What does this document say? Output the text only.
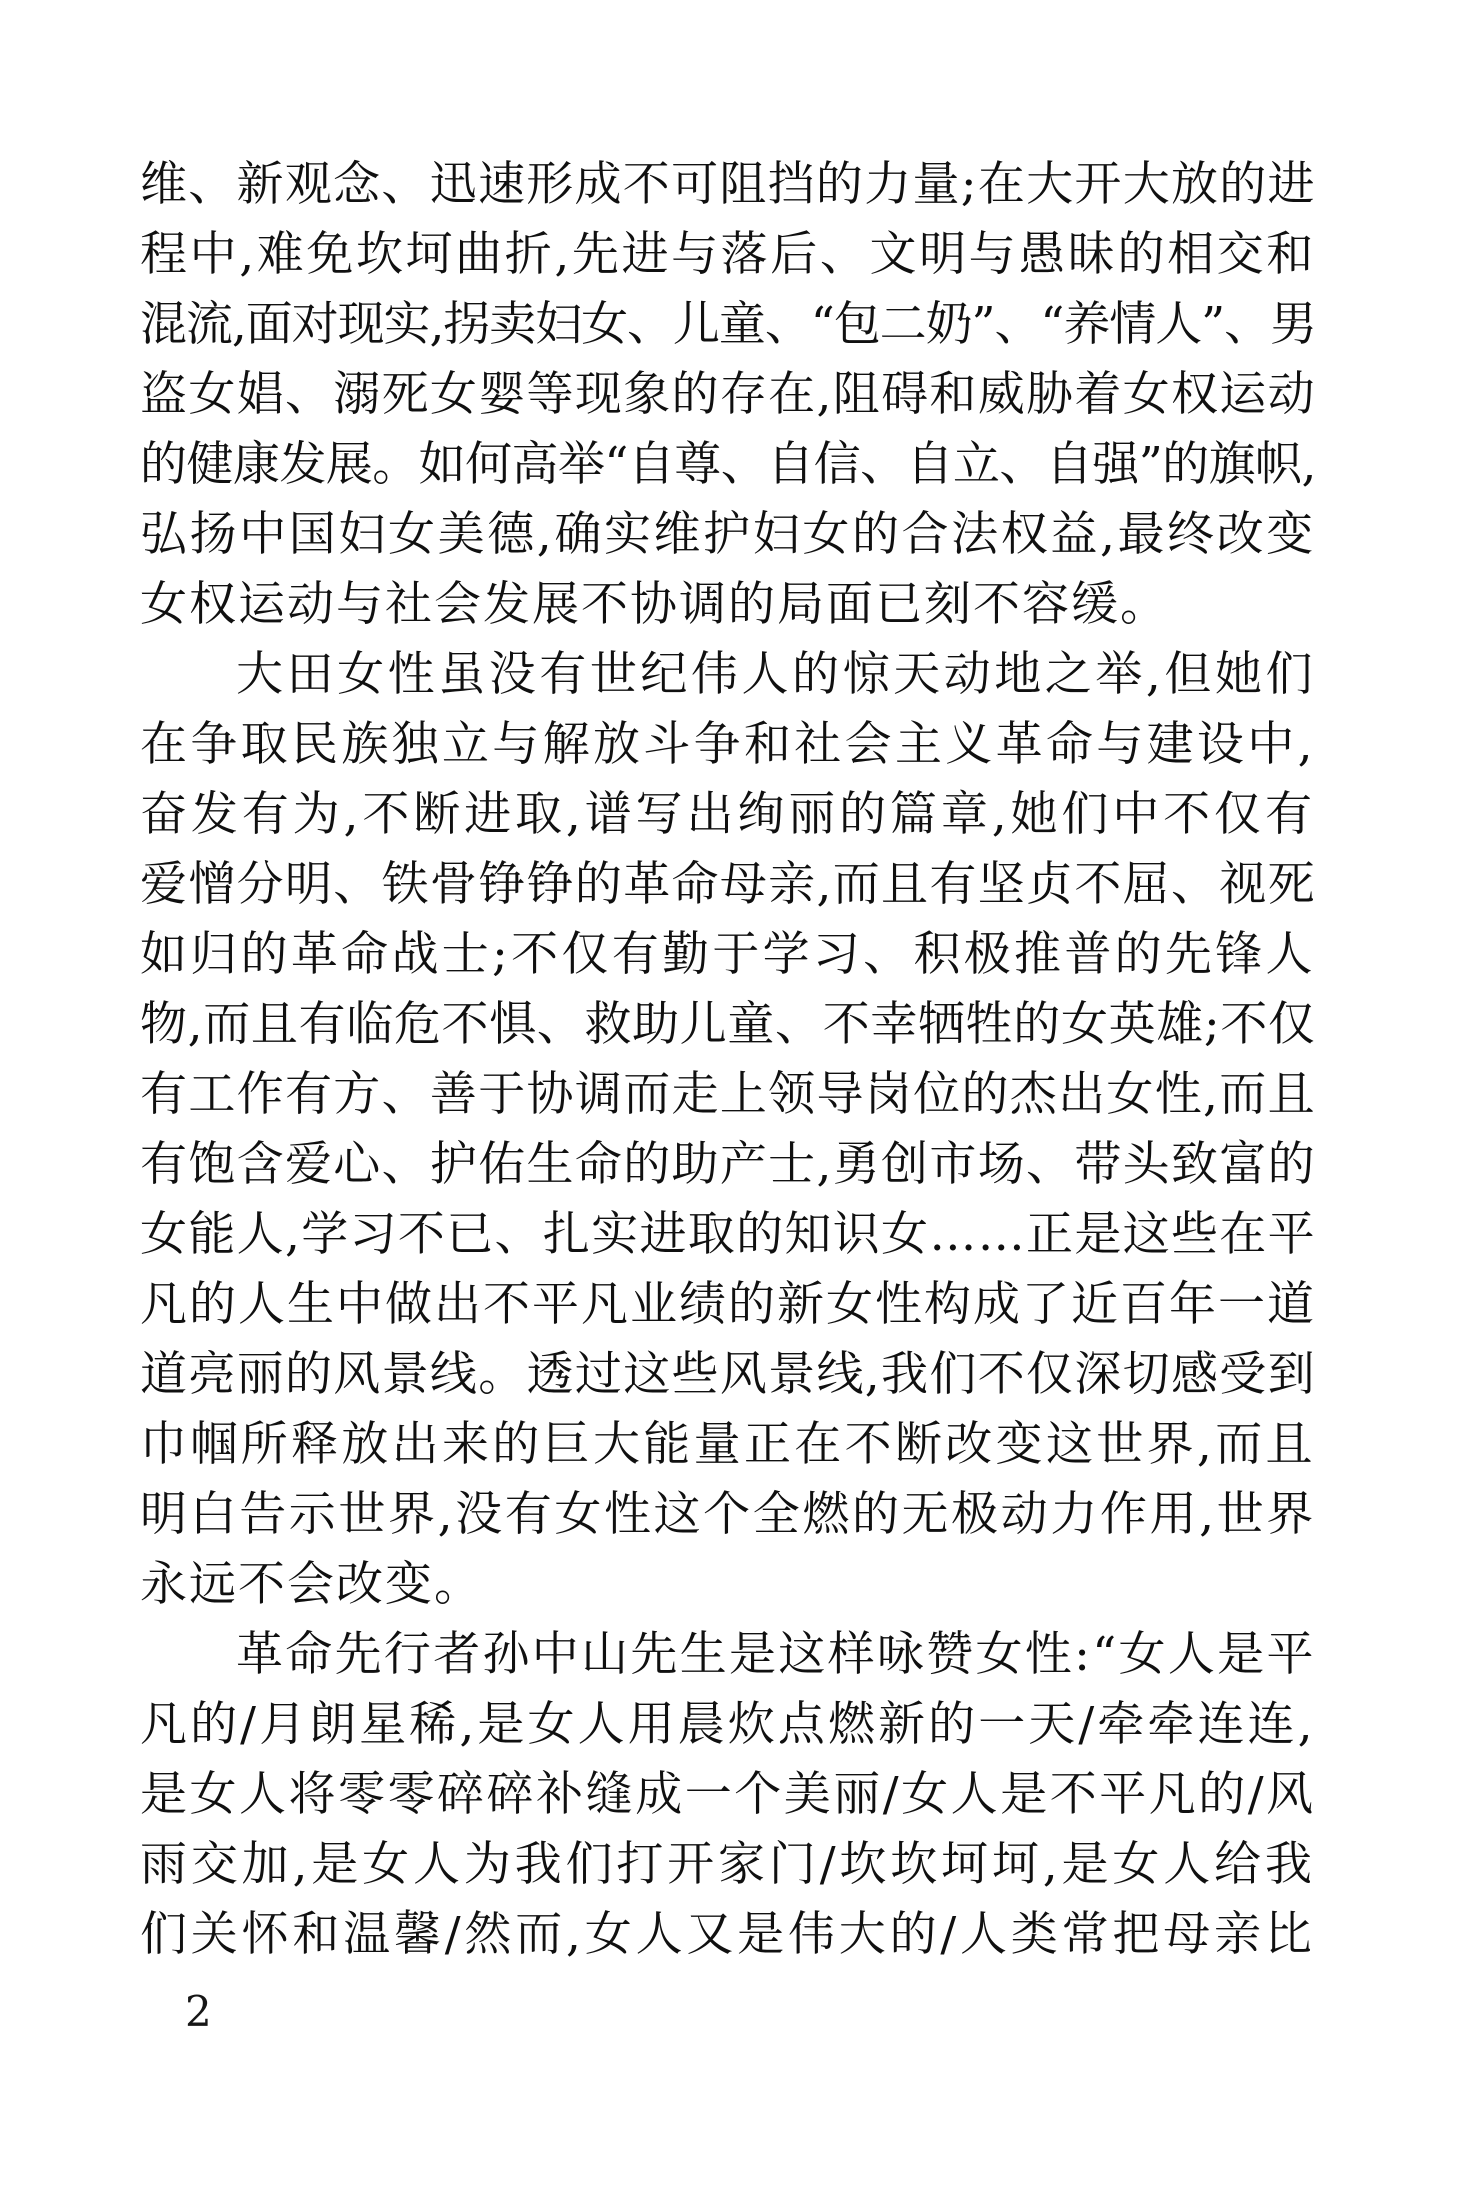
维、新观念、迅速形成不可阻挡的力量;在大开大放的进
程中,难免坎坷曲折,先进与落后、文明与愚昧的相交和
混流,面对现实,拐卖妇女、儿童、“包二奶”、“养情人”、男
盗女娼、溺死女婴等现象的存在,阻碍和威胁着女权运动
的健康发展。如何高举“自尊、自信、自立、自强”的旗帜,
弘扬中国妇女美德,确实维护妇女的合法权益,最终改变
女权运动与社会发展不协调的局面已刻不容缓。
大田女性虽没有世纪伟人的惊天动地之举,但她们
在争取民族独立与解放斗争和社会主义革命与建设中,
奋发有为,不断进取,谱写出绚丽的篇章,她们中不仅有
爱憎分明、铁骨铮铮的革命母亲,而且有坚贞不屈、视死
如归的革命战士;不仅有勤于学习、积极推普的先锋人
物,而且有临危不惧、救助儿童、不幸牺牲的女英雄;不仅
有工作有方、善于协调而走上领导岗位的杰出女性,而且
有饱含爱心、护佑生命的助产士,勇创市场、带头致富的
女能人,学习不已、扎实进取的知识女……正是这些在平
凡的人生中做出不平凡业绩的新女性构成了近百年一道
道亮丽的风景线。透过这些风景线,我们不仅深切感受到
巾帼所释放出来的巨大能量正在不断改变这世界,而且
明白告示世界,没有女性这个全燃的无极动力作用,世界
永远不会改变。
革命先行者孙中山先生是这样咏赞女性:“女人是平
凡的/月朗星稀,是女人用晨炊点燃新的一天/牵牵连连,
是女人将零零碎碎补缝成一个美丽/女人是不平凡的/风
雨交加,是女人为我们打开家门/坎坎坷坷,是女人给我
们关怀和温馨/然而,女人又是伟大的/人类常把母亲比
2
